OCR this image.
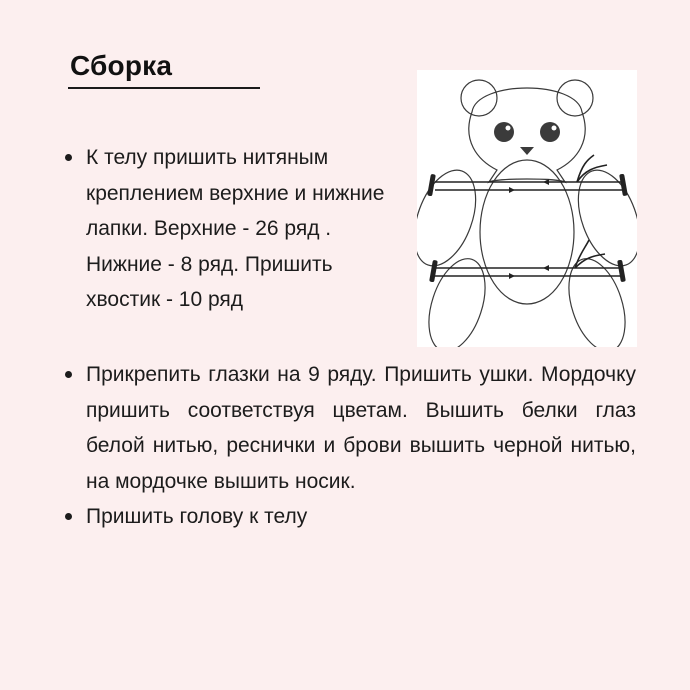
Сборка
К телу пришить нитяным креплением верхние и нижние лапки. Верхние - 26 ряд . Нижние - 8 ряд. Пришить хвостик - 10 ряд
Прикрепить глазки на 9 ряду. Пришить ушки. Мордочку пришить соответствуя цветам. Вышить белки глаз белой нитью, реснички и брови вышить черной нитью, на мордочке вышить носик.
Пришить голову к телу
